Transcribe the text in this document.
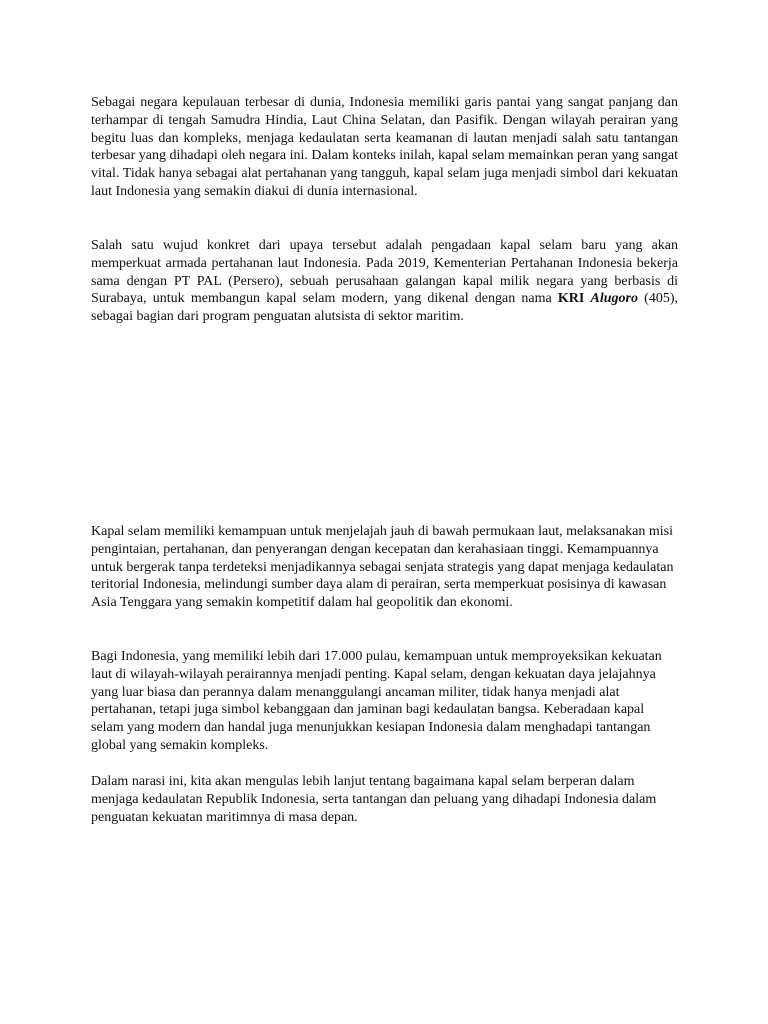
Sebagai negara kepulauan terbesar di dunia, Indonesia memiliki garis pantai yang sangat panjang dan terhampar di tengah Samudra Hindia, Laut China Selatan, dan Pasifik. Dengan wilayah perairan yang begitu luas dan kompleks, menjaga kedaulatan serta keamanan di lautan menjadi salah satu tantangan terbesar yang dihadapi oleh negara ini. Dalam konteks inilah, kapal selam memainkan peran yang sangat vital. Tidak hanya sebagai alat pertahanan yang tangguh, kapal selam juga menjadi simbol dari kekuatan laut Indonesia yang semakin diakui di dunia internasional.

Salah satu wujud konkret dari upaya tersebut adalah pengadaan kapal selam baru yang akan memperkuat armada pertahanan laut Indonesia. Pada 2019, Kementerian Pertahanan Indonesia bekerja sama dengan PT PAL (Persero), sebuah perusahaan galangan kapal milik negara yang berbasis di Surabaya, untuk membangun kapal selam modern, yang dikenal dengan nama KRI Alugoro (405), sebagai bagian dari program penguatan alutsista di sektor maritim.

Kapal selam memiliki kemampuan untuk menjelajah jauh di bawah permukaan laut, melaksanakan misi pengintaian, pertahanan, dan penyerangan dengan kecepatan dan kerahasiaan tinggi. Kemampuannya untuk bergerak tanpa terdeteksi menjadikannya sebagai senjata strategis yang dapat menjaga kedaulatan teritorial Indonesia, melindungi sumber daya alam di perairan, serta memperkuat posisinya di kawasan Asia Tenggara yang semakin kompetitif dalam hal geopolitik dan ekonomi.

Bagi Indonesia, yang memiliki lebih dari 17.000 pulau, kemampuan untuk memproyeksikan kekuatan laut di wilayah-wilayah perairannya menjadi penting. Kapal selam, dengan kekuatan daya jelajahnya yang luar biasa dan perannya dalam menanggulangi ancaman militer, tidak hanya menjadi alat pertahanan, tetapi juga simbol kebanggaan dan jaminan bagi kedaulatan bangsa. Keberadaan kapal selam yang modern dan handal juga menunjukkan kesiapan Indonesia dalam menghadapi tantangan global yang semakin kompleks.

Dalam narasi ini, kita akan mengulas lebih lanjut tentang bagaimana kapal selam berperan dalam menjaga kedaulatan Republik Indonesia, serta tantangan dan peluang yang dihadapi Indonesia dalam penguatan kekuatan maritimnya di masa depan.
